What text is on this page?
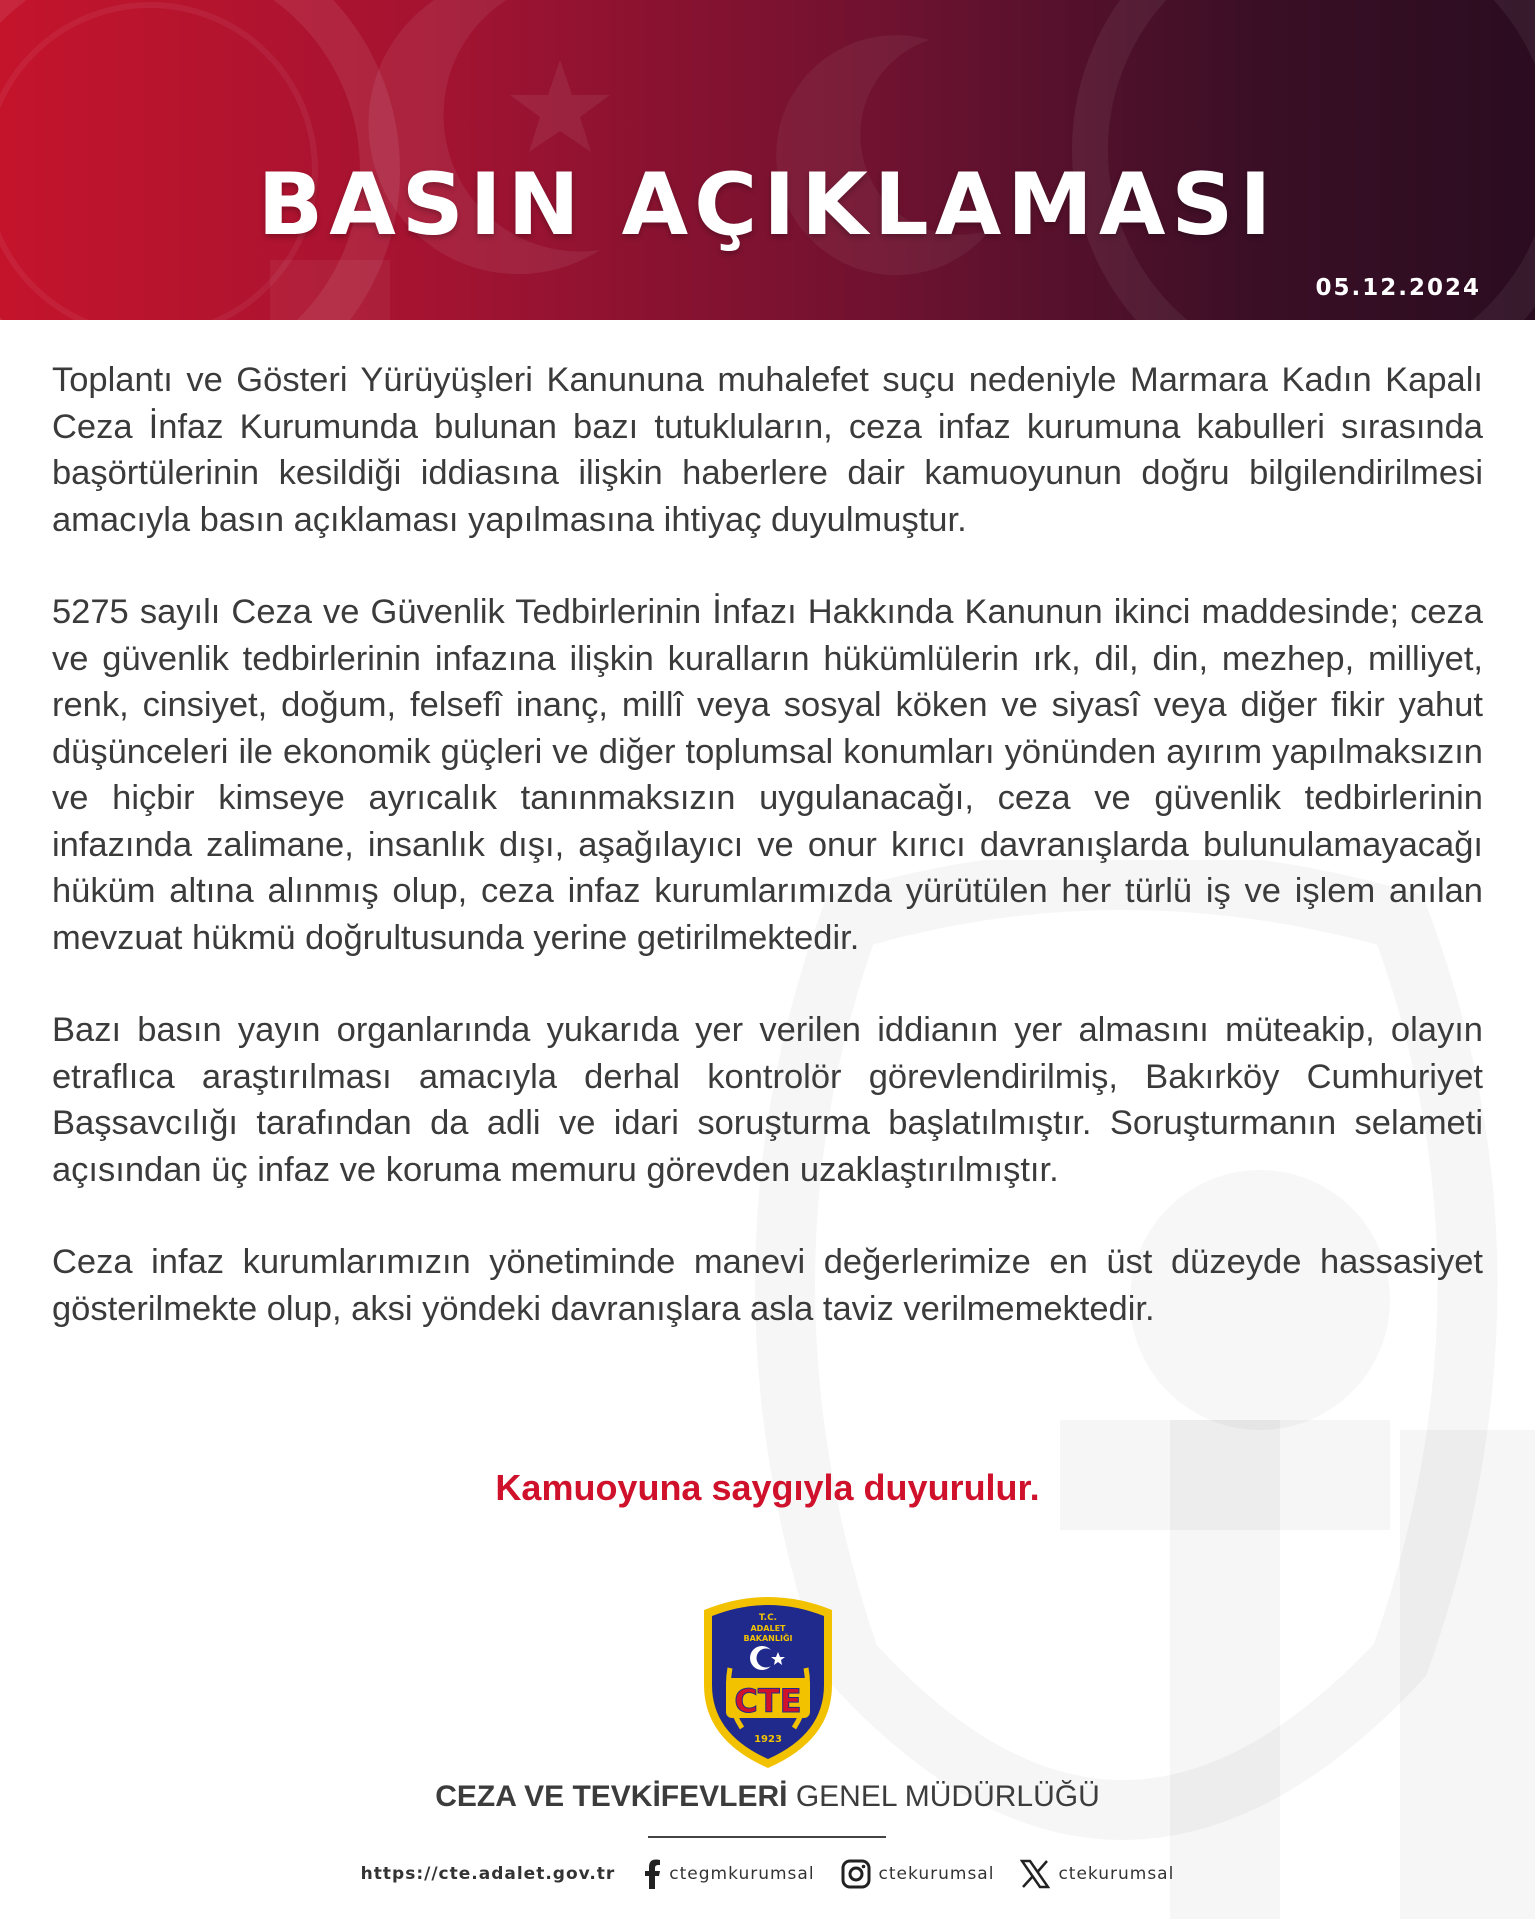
BASIN AÇIKLAMASI
05.12.2024

Toplantı ve Gösteri Yürüyüşleri Kanununa muhalefet suçu nedeniyle Marmara Kadın Kapalı Ceza İnfaz Kurumunda bulunan bazı tutukluların, ceza infaz kurumuna kabulleri sırasında başörtülerinin kesildiği iddiasına ilişkin haberlere dair kamuoyunun doğru bilgilendirilmesi amacıyla basın açıklaması yapılmasına ihtiyaç duyulmuştur.

5275 sayılı Ceza ve Güvenlik Tedbirlerinin İnfazı Hakkında Kanunun ikinci maddesinde; ceza ve güvenlik tedbirlerinin infazına ilişkin kuralların hükümlülerin ırk, dil, din, mezhep, milliyet, renk, cinsiyet, doğum, felsefî inanç, millî veya sosyal köken ve siyasî veya diğer fikir yahut düşünceleri ile ekonomik güçleri ve diğer toplumsal konumları yönünden ayırım yapılmaksızın ve hiçbir kimseye ayrıcalık tanınmaksızın uygulanacağı, ceza ve güvenlik tedbirlerinin infazında zalimane, insanlık dışı, aşağılayıcı ve onur kırıcı davranışlarda bulunulamayacağı hüküm altına alınmış olup, ceza infaz kurumlarımızda yürütülen her türlü iş ve işlem anılan mevzuat hükmü doğrultusunda yerine getirilmektedir.

Bazı basın yayın organlarında yukarıda yer verilen iddianın yer almasını müteakip, olayın etraflıca araştırılması amacıyla derhal kontrolör görevlendirilmiş, Bakırköy Cumhuriyet Başsavcılığı tarafından da adli ve idari soruşturma başlatılmıştır. Soruşturmanın selameti açısından üç infaz ve koruma memuru görevden uzaklaştırılmıştır.

Ceza infaz kurumlarımızın yönetiminde manevi değerlerimize en üst düzeyde hassasiyet gösterilmekte olup, aksi yöndeki davranışlara asla taviz verilmemektedir.

Kamuoyuna saygıyla duyurulur.
T.C.
ADALET
BAKANLIĞI
CTE
1923
CEZA VE TEVKİFEVLERİ GENEL MÜDÜRLÜĞÜ
https://cte.adalet.gov.tr	ctegmkurumsal	ctekurumsal	ctekurumsal
